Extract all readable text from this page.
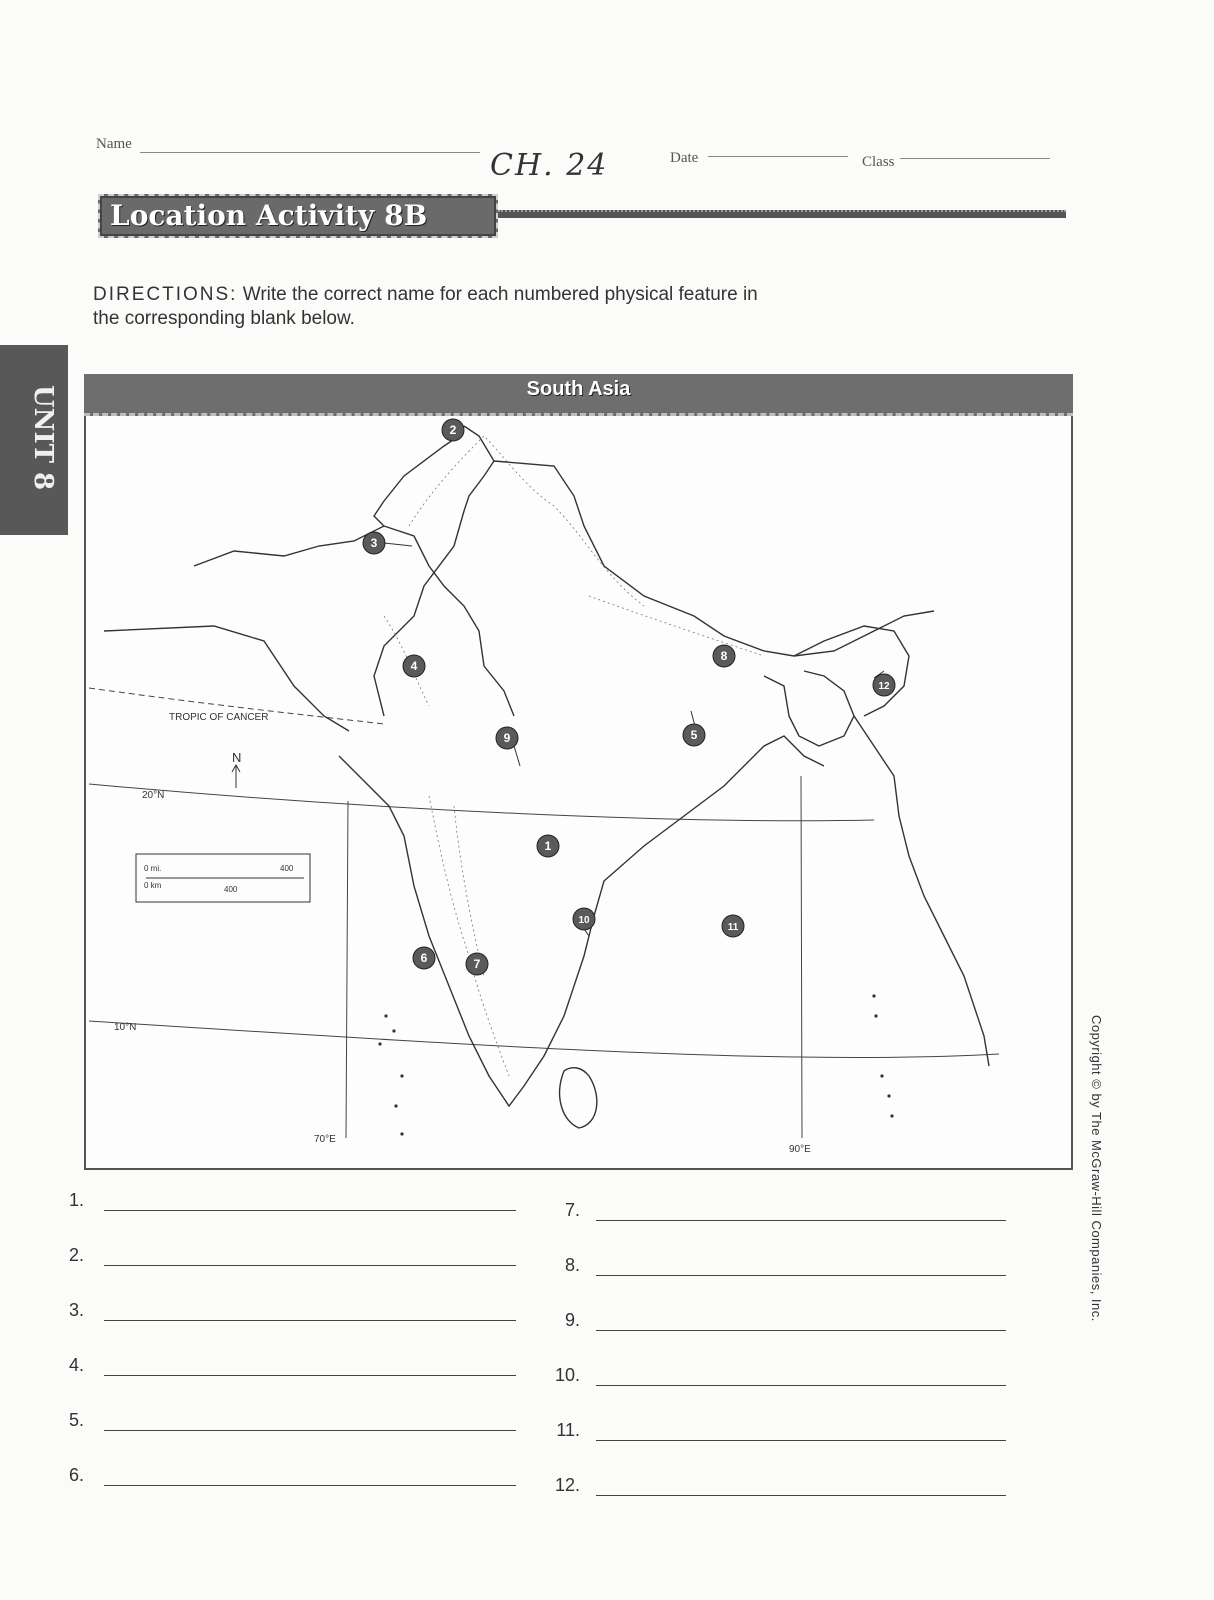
Name
CH. 24	Date	Class
Location Activity 8B
UNIT 8
DIRECTIONS: Write the correct name for each numbered physical feature in the corresponding blank below.
South Asia
TROPIC OF CANCER
20°N
10°N
70°E
90°E
N
0 mi.
0 km
400
400
1
2
3
4
5
6	7
8
9
10
11
12
1.
2.
3.
4.
5.
6.
7.
8.
9.
10.
11.
12.
Copyright © by The McGraw-Hill Companies, Inc.
